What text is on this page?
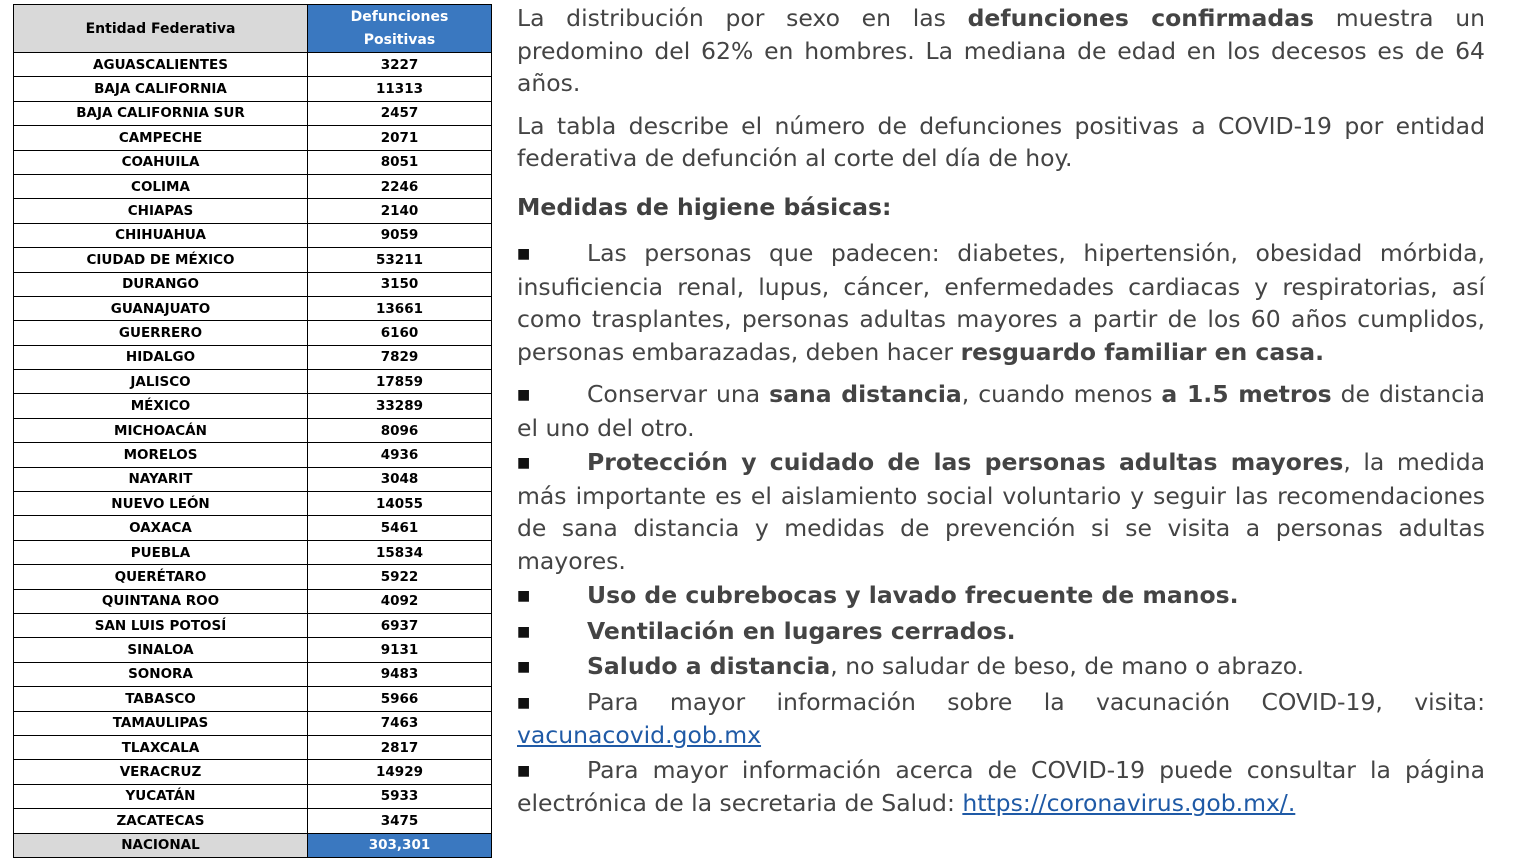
Entidad Federativa	Defunciones
Positivas
AGUASCALIENTES	3227
BAJA CALIFORNIA	11313
BAJA CALIFORNIA SUR	2457
CAMPECHE	2071
COAHUILA	8051
COLIMA	2246
CHIAPAS	2140
CHIHUAHUA	9059
CIUDAD DE MÉXICO	53211
DURANGO	3150
GUANAJUATO	13661
GUERRERO	6160
HIDALGO	7829
JALISCO	17859
MÉXICO	33289
MICHOACÁN	8096
MORELOS	4936
NAYARIT	3048
NUEVO LEÓN	14055
OAXACA	5461
PUEBLA	15834
QUERÉTARO	5922
QUINTANA ROO	4092
SAN LUIS POTOSÍ	6937
SINALOA	9131
SONORA	9483
TABASCO	5966
TAMAULIPAS	7463
TLAXCALA	2817
VERACRUZ	14929
YUCATÁN	5933
ZACATECAS	3475
NACIONAL	303,301

La distribución por sexo en las defunciones confirmadas muestra un predomino del 62% en hombres. La mediana de edad en los decesos es de 64 años.

La tabla describe el número de defunciones positivas a COVID-19 por entidad federativa de defunción al corte del día de hoy.

Medidas de higiene básicas:

■ Las personas que padecen: diabetes, hipertensión, obesidad mórbida, insuficiencia renal, lupus, cáncer, enfermedades cardiacas y respiratorias, así como trasplantes, personas adultas mayores a partir de los 60 años cumplidos, personas embarazadas, deben hacer resguardo familiar en casa.

■ Conservar una sana distancia, cuando menos a 1.5 metros de distancia el uno del otro.

■ Protección y cuidado de las personas adultas mayores, la medida más importante es el aislamiento social voluntario y seguir las recomendaciones de sana distancia y medidas de prevención si se visita a personas adultas mayores.

■ Uso de cubrebocas y lavado frecuente de manos.

■ Ventilación en lugares cerrados.

■ Saludo a distancia, no saludar de beso, de mano o abrazo.

■ Para mayor información sobre la vacunación COVID-19, visita: vacunacovid.gob.mx

■ Para mayor información acerca de COVID-19 puede consultar la página electrónica de la secretaria de Salud: https://coronavirus.gob.mx/.
